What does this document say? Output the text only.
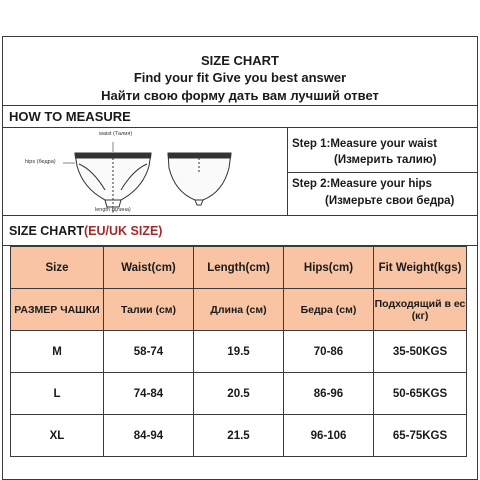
SIZE CHART
Find your fit Give you best answer
Найти свою форму дать вам лучший ответ
HOW TO MEASURE
waist (Талия)
hips (бедра)
length (длина)
Step 1:Measure your waist
(Измерить талию)
Step 2:Measure your hips
(Измерьте свои бедра)
SIZE CHART(EU/UK SIZE)
Size	Waist(cm)	Length(cm)	Hips(cm)	Fit Weight(kgs)
РАЗМЕР ЧАШКИ	Талии (см)	Длина (см)	Бедра (см)	Подходящий в ес (кг)
M	58-74	19.5	70-86	35-50KGS
L	74-84	20.5	86-96	50-65KGS
XL	84-94	21.5	96-106	65-75KGS
